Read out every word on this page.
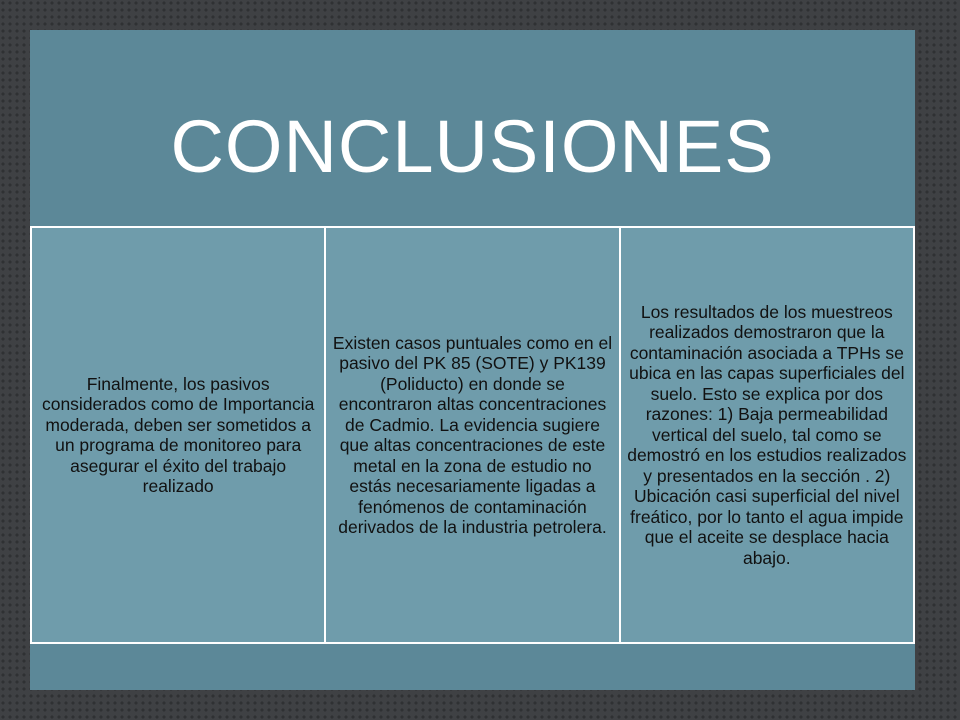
CONCLUSIONES
Finalmente, los pasivos considerados como de Importancia moderada, deben ser sometidos a un programa de monitoreo para asegurar el éxito del trabajo realizado
Existen casos puntuales como en el pasivo del PK 85 (SOTE) y PK139 (Poliducto) en donde se encontraron altas concentraciones de Cadmio. La evidencia sugiere que altas concentraciones de este metal en la zona de estudio no estás necesariamente ligadas a fenómenos de contaminación derivados de la industria petrolera.
Los resultados de los muestreos realizados demostraron que la contaminación asociada a TPHs se ubica en las capas superficiales del suelo. Esto se explica por dos razones: 1) Baja permeabilidad vertical del suelo, tal como se demostró en los estudios realizados y presentados en la sección . 2) Ubicación casi superficial del nivel freático, por lo tanto el agua impide que el aceite se desplace hacia abajo.
